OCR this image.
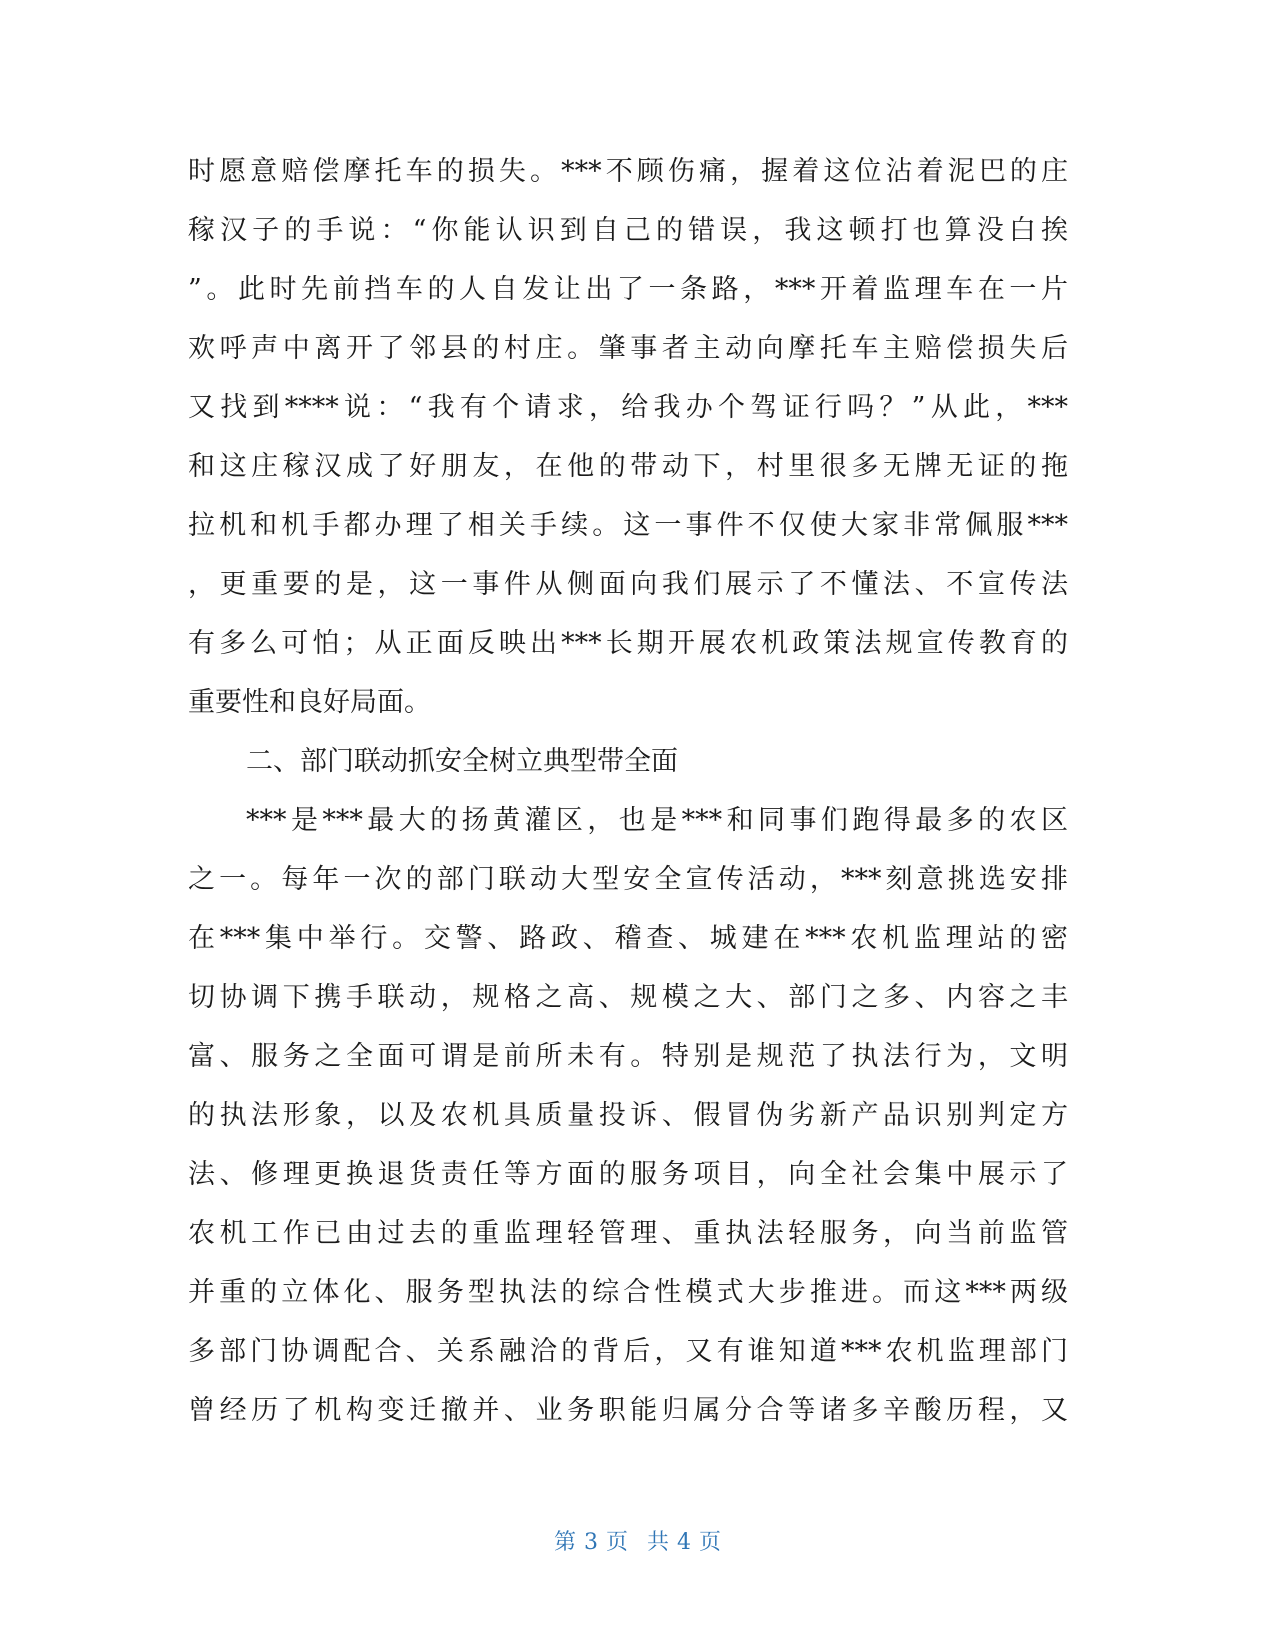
时愿意赔偿摩托车的损失。***不顾伤痛，握着这位沾着泥巴的庄
稼汉子的手说：“你能认识到自己的错误，我这顿打也算没白挨
”。此时先前挡车的人自发让出了一条路，***开着监理车在一片
欢呼声中离开了邻县的村庄。肇事者主动向摩托车主赔偿损失后
又找到****说：“我有个请求，给我办个驾证行吗？”从此，***
和这庄稼汉成了好朋友，在他的带动下，村里很多无牌无证的拖
拉机和机手都办理了相关手续。这一事件不仅使大家非常佩服***
，更重要的是，这一事件从侧面向我们展示了不懂法、不宣传法
有多么可怕；从正面反映出***长期开展农机政策法规宣传教育的
重要性和良好局面。
二、部门联动抓安全树立典型带全面
***是***最大的扬黄灌区，也是***和同事们跑得最多的农区
之一。每年一次的部门联动大型安全宣传活动，***刻意挑选安排
在***集中举行。交警、路政、稽查、城建在***农机监理站的密
切协调下携手联动，规格之高、规模之大、部门之多、内容之丰
富、服务之全面可谓是前所未有。特别是规范了执法行为，文明
的执法形象，以及农机具质量投诉、假冒伪劣新产品识别判定方
法、修理更换退货责任等方面的服务项目，向全社会集中展示了
农机工作已由过去的重监理轻管理、重执法轻服务，向当前监管
并重的立体化、服务型执法的综合性模式大步推进。而这***两级
多部门协调配合、关系融洽的背后，又有谁知道***农机监理部门
曾经历了机构变迁撤并、业务职能归属分合等诸多辛酸历程，又
第 3 页 共 4 页
